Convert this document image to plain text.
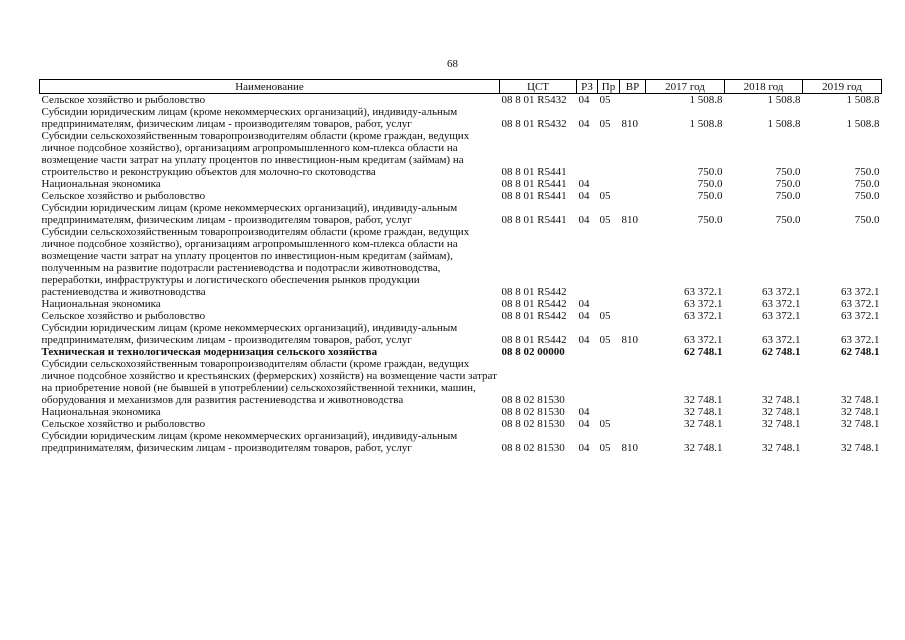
68
Наименование	ЦСТ	РЗ	Пр	ВР	2017 год	2018 год	2019 год
Сельское хозяйство и рыболовство	08 8 01 R5432	04	05		1 508.8	1 508.8	1 508.8
Субсидии юридическим лицам (кроме некоммерческих организаций), индивиду-альным предпринимателям, физическим лицам - производителям товаров, работ, услуг	08 8 01 R5432	04	05	810	1 508.8	1 508.8	1 508.8
Субсидии сельскохозяйственным товаропроизводителям области (кроме граждан, ведущих личное подсобное хозяйство), организациям агропромышленного ком-плекса области на возмещение части затрат на уплату процентов по инвестицион-ным кредитам (займам) на строительство и реконструкцию объектов для молочно-го скотоводства	08 8 01 R5441				750.0	750.0	750.0
Национальная экономика	08 8 01 R5441	04			750.0	750.0	750.0
Сельское хозяйство и рыболовство	08 8 01 R5441	04	05		750.0	750.0	750.0
Субсидии юридическим лицам (кроме некоммерческих организаций), индивиду-альным предпринимателям, физическим лицам - производителям товаров, работ, услуг	08 8 01 R5441	04	05	810	750.0	750.0	750.0
Субсидии сельскохозяйственным товаропроизводителям области (кроме граждан, ведущих личное подсобное хозяйство), организациям агропромышленного ком-плекса области на возмещение части затрат на уплату процентов по инвестицион-ным кредитам (займам), полученным на развитие подотрасли растениеводства и подотрасли животноводства, переработки, инфраструктуры и логистического обеспечения рынков продукции растениеводства и животноводства	08 8 01 R5442				63 372.1	63 372.1	63 372.1
Национальная экономика	08 8 01 R5442	04			63 372.1	63 372.1	63 372.1
Сельское хозяйство и рыболовство	08 8 01 R5442	04	05		63 372.1	63 372.1	63 372.1
Субсидии юридическим лицам (кроме некоммерческих организаций), индивиду-альным предпринимателям, физическим лицам - производителям товаров, работ, услуг	08 8 01 R5442	04	05	810	63 372.1	63 372.1	63 372.1
Техническая и технологическая модернизация сельского хозяйства	08 8 02 00000				62 748.1	62 748.1	62 748.1
Субсидии сельскохозяйственным товаропроизводителям области (кроме граждан, ведущих личное подсобное хозяйство и крестьянских (фермерских) хозяйств) на возмещение части затрат на приобретение новой (не бывшей в употреблении) сельскохозяйственной техники, машин, оборудования и механизмов для развития растениеводства и животноводства	08 8 02 81530				32 748.1	32 748.1	32 748.1
Национальная экономика	08 8 02 81530	04			32 748.1	32 748.1	32 748.1
Сельское хозяйство и рыболовство	08 8 02 81530	04	05		32 748.1	32 748.1	32 748.1
Субсидии юридическим лицам (кроме некоммерческих организаций), индивиду-альным предпринимателям, физическим лицам - производителям товаров, работ, услуг	08 8 02 81530	04	05	810	32 748.1	32 748.1	32 748.1
